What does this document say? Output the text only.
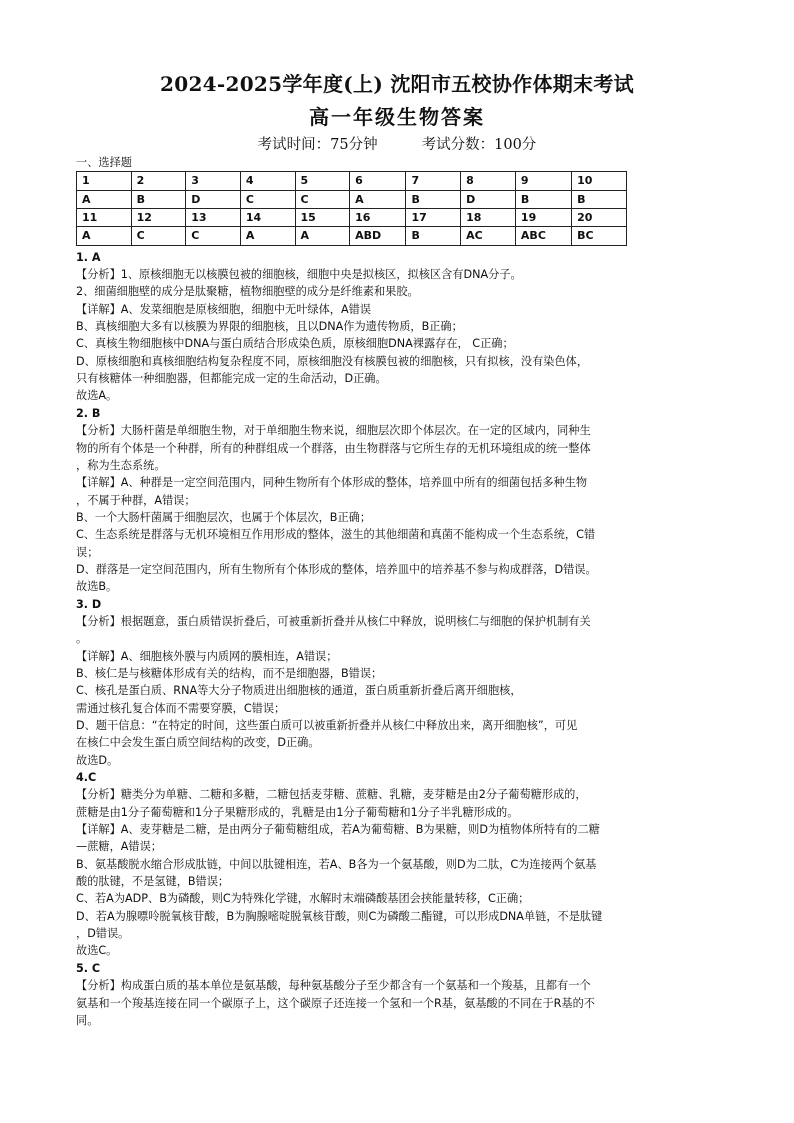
2024-2025学年度(上) 沈阳市五校协作体期末考试
高一年级生物答案
考试时间：75分钟	考试分数：100分

一、选择题

1	2	3	4	5	6	7	8	9	10
A	B	D	C	C	A	B	D	B	B
11	12	13	14	15	16	17	18	19	20
A	C	C	A	A	ABD	B	AC	ABC	BC

1. A

【分析】1、原核细胞无以核膜包被的细胞核，细胞中央是拟核区，拟核区含有DNA分子。

2、细菌细胞壁的成分是肽聚糖，植物细胞壁的成分是纤维素和果胶。

【详解】A、发菜细胞是原核细胞，细胞中无叶绿体，A错误

B、真核细胞大多有以核膜为界限的细胞核，且以DNA作为遗传物质，B正确；

C、真核生物细胞核中DNA与蛋白质结合形成染色质，原核细胞DNA裸露存在， C正确；

D、原核细胞和真核细胞结构复杂程度不同，原核细胞没有核膜包被的细胞核，只有拟核，没有染色体，

只有核糖体一种细胞器，但都能完成一定的生命活动，D正确。

故选A。

2. B

【分析】大肠杆菌是单细胞生物，对于单细胞生物来说，细胞层次即个体层次。在一定的区域内，同种生

物的所有个体是一个种群，所有的种群组成一个群落，由生物群落与它所生存的无机环境组成的统一整体

，称为生态系统。

【详解】A、种群是一定空间范围内，同种生物所有个体形成的整体，培养皿中所有的细菌包括多种生物

，不属于种群，A错误；

B、一个大肠杆菌属于细胞层次，也属于个体层次，B正确；

C、生态系统是群落与无机环境相互作用形成的整体，滋生的其他细菌和真菌不能构成一个生态系统，C错

误；

D、群落是一定空间范围内，所有生物所有个体形成的整体，培养皿中的培养基不参与构成群落，D错误。

故选B。

3. D

【分析】根据题意，蛋白质错误折叠后，可被重新折叠并从核仁中释放，说明核仁与细胞的保护机制有关

。

【详解】A、细胞核外膜与内质网的膜相连，A错误；

B、核仁是与核糖体形成有关的结构，而不是细胞器，B错误；

C、核孔是蛋白质、RNA等大分子物质进出细胞核的通道，蛋白质重新折叠后离开细胞核，

需通过核孔复合体而不需要穿膜，C错误；

D、题干信息：“在特定的时间，这些蛋白质可以被重新折叠并从核仁中释放出来，离开细胞核”，可见

在核仁中会发生蛋白质空间结构的改变，D正确。

故选D。

4.C

【分析】糖类分为单糖、二糖和多糖，二糖包括麦芽糖、蔗糖、乳糖，麦芽糖是由2分子葡萄糖形成的，

蔗糖是由1分子葡萄糖和1分子果糖形成的，乳糖是由1分子葡萄糖和1分子半乳糖形成的。

【详解】A、麦芽糖是二糖，是由两分子葡萄糖组成，若A为葡萄糖、B为果糖，则D为植物体所特有的二糖

—蔗糖，A错误；

B、氨基酸脱水缩合形成肽链，中间以肽键相连，若A、B各为一个氨基酸，则D为二肽，C为连接两个氨基

酸的肽键，不是氢键，B错误；

C、若A为ADP、B为磷酸，则C为特殊化学键，水解时末端磷酸基团会挟能量转移，C正确；

D、若A为腺嘌呤脱氧核苷酸，B为胸腺嘧啶脱氧核苷酸，则C为磷酸二酯键，可以形成DNA单链，不是肽键

，D错误。

故选C。

5. C

【分析】构成蛋白质的基本单位是氨基酸，每种氨基酸分子至少都含有一个氨基和一个羧基，且都有一个

氨基和一个羧基连接在同一个碳原子上，这个碳原子还连接一个氢和一个R基，氨基酸的不同在于R基的不

同。
